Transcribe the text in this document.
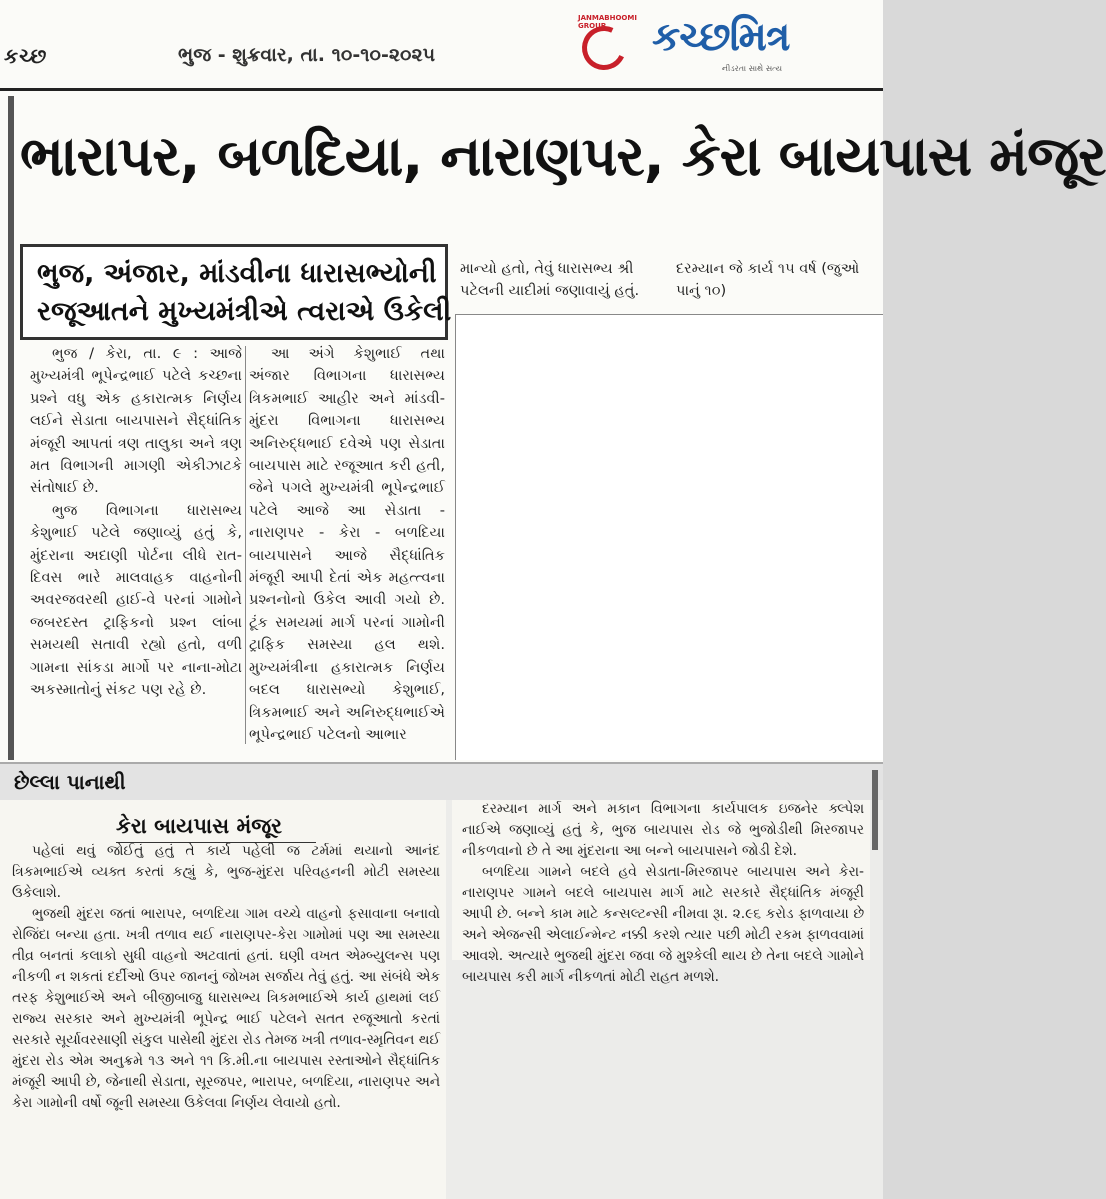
કચ્છ	ભુજ - શુક્રવાર, તા. ૧૦-૧૦-૨૦૨૫
JANMABHOOMI GROUP	કચ્છમિત્ર
નીડરતા સાથે સત્ય
ભારાપર, બળદિયા, નારાણપર, કેરા બાયપાસ મંજૂર
ભુજ, અંજાર, માંડવીના ધારાસભ્યોની
રજૂઆતને મુખ્યમંત્રીએ ત્વરાએ ઉકેલી
માન્યો હતો, તેવું ધારાસભ્ય શ્રી પટેલની યાદીમાં જણાવાયું હતું.
દરમ્યાન જે કાર્ય ૧૫ વર્ષ (જુઓ પાનું ૧૦)

ભુજ / કેરા, તા. ૯ : આજે મુખ્યમંત્રી ભૂપેન્દ્રભાઈ પટેલે કચ્છના પ્રશ્ને વધુ એક હકારાત્મક નિર્ણય લઈને સેડાતા બાયપાસને સૈદ્ધાંતિક મંજૂરી આપતાં ત્રણ તાલુકા અને ત્રણ મત વિભાગની માગણી એકીઝાટકે સંતોષાઈ છે.

ભુજ વિભાગના ધારાસભ્ય કેશુભાઈ પટેલે જણાવ્યું હતું કે, મુંદરાના અદાણી પોર્ટના લીધે રાત-દિવસ ભારે માલવાહક વાહનોની અવરજવરથી હાઈ-વે પરનાં ગામોને જબરદસ્ત ટ્રાફિકનો પ્રશ્ન લાંબા સમયથી સતાવી રહ્યો હતો, વળી ગામના સાંકડા માર્ગો પર નાના-મોટા અકસ્માતોનું સંકટ પણ રહે છે.

આ અંગે કેશુભાઈ તથા અંજાર વિભાગના ધારાસભ્ય ત્રિકમભાઈ આહીર અને માંડવી-મુંદરા વિભાગના ધારાસભ્ય અનિરુદ્ધભાઈ દવેએ પણ સેડાતા બાયપાસ માટે રજૂઆત કરી હતી, જેને પગલે મુખ્યમંત્રી ભૂપેન્દ્રભાઈ પટેલે આજે આ સેડાતા - નારાણપર - કેરા - બળદિયા બાયપાસને આજે સૈદ્ધાંતિક મંજૂરી આપી દેતાં એક મહત્ત્વના પ્રશ્નનોનો ઉકેલ આવી ગયો છે. ટૂંક સમયમાં માર્ગ પરનાં ગામોની ટ્રાફિક સમસ્યા હલ થશે. મુખ્યમંત્રીના હકારાત્મક નિર્ણય બદલ ધારાસભ્યો કેશુભાઈ, ત્રિકમભાઈ અને અનિરુદ્ધભાઈએ ભૂપેન્દ્રભાઈ પટેલનો આભાર

છેલ્લા પાનાથી
કેરા બાયપાસ મંજૂર

પહેલાં થવું જોઈતું હતું તે કાર્ય પહેલી જ ટર્મમાં થયાનો આનંદ ત્રિકમભાઈએ વ્યક્ત કરતાં કહ્યું કે, ભુજ-મુંદરા પરિવહનની મોટી સમસ્યા ઉકેલાશે.

ભુજથી મુંદરા જતાં ભારાપર, બળદિયા ગામ વચ્ચે વાહનો ફસાવાના બનાવો રોજિંદા બન્યા હતા. ખત્રી તળાવ થઈ નારાણપર-કેરા ગામોમાં પણ આ સમસ્યા તીવ્ર બનતાં કલાકો સુધી વાહનો અટવાતાં હતાં. ઘણી વખત એમ્બ્યુલન્સ પણ નીકળી ન શકતાં દર્દીઓ ઉપર જાનનું જોખમ સર્જાય તેવું હતું. આ સંબંધે એક તરફ કેશુભાઈએ અને બીજીબાજુ ધારાસભ્ય ત્રિકમભાઈએ કાર્ય હાથમાં લઈ રાજ્ય સરકાર અને મુખ્યમંત્રી ભૂપેન્દ્ર ભાઈ પટેલને સતત રજૂઆતો કરતાં સરકારે સૂર્યાવરસાણી સંકુલ પાસેથી મુંદરા રોડ તેમજ ખત્રી તળાવ-સ્મૃતિવન થઈ મુંદરા રોડ એમ અનુક્રમે ૧૩ અને ૧૧ કિ.મી.ના બાયપાસ રસ્તાઓને સૈદ્ધાંતિક મંજૂરી આપી છે, જેનાથી સેડાતા, સૂરજપર, ભારાપર, બળદિયા, નારાણપર અને કેરા ગામોની વર્ષો જૂની સમસ્યા ઉકેલવા નિર્ણય લેવાયો હતો.

દરમ્યાન માર્ગ અને મકાન વિભાગના કાર્યપાલક ઇજનેર ક્લ્પેશ નાઈએ જણાવ્યું હતું કે, ભુજ બાયપાસ રોડ જે ભુજોડીથી મિરજાપર નીકળવાનો છે તે આ મુંદરાના આ બન્ને બાયપાસને જોડી દેશે.

બળદિયા ગામને બદલે હવે સેડાતા-મિરજાપર બાયપાસ અને કેરા-નારાણપર ગામને બદલે બાયપાસ માર્ગ માટે સરકારે સૈદ્ધાંતિક મંજૂરી આપી છે. બન્ને કામ માટે કન્સલ્ટન્સી નીમવા રૂા. ૨.૯૬ કરોડ ફાળવાયા છે અને એજન્સી એલાઈન્મેન્ટ નક્કી કરશે ત્યાર પછી મોટી રકમ ફાળવવામાં આવશે. અત્યારે ભુજથી મુંદરા જવા જે મુશ્કેલી થાય છે તેના બદલે ગામોને બાયપાસ કરી માર્ગ નીકળતાં મોટી રાહત મળશે.
